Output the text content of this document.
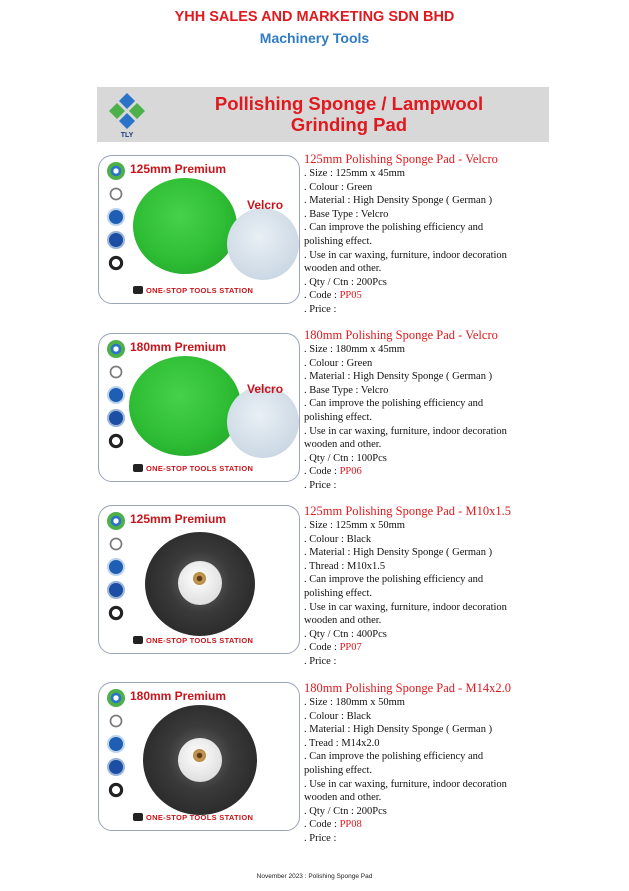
YHH SALES AND MARKETING SDN BHD
Machinery Tools
TLY
Pollishing Sponge / Lampwool
Grinding Pad
125mm Premium
Velcro
ONE-STOP TOOLS STATION
125mm Polishing Sponge Pad - Velcro
. Size : 125mm x 45mm
. Colour : Green
. Material : High Density Sponge ( German )
. Base Type : Velcro
. Can improve the polishing efficiency and
polishing effect.
. Use in car waxing, furniture, indoor decoration
wooden and other.
. Qty / Ctn : 200Pcs
. Code : PP05
. Price :
180mm Premium
Velcro
ONE-STOP TOOLS STATION
180mm Polishing Sponge Pad - Velcro
. Size : 180mm x 45mm
. Colour : Green
. Material : High Density Sponge ( German )
. Base Type : Velcro
. Can improve the polishing efficiency and
polishing effect.
. Use in car waxing, furniture, indoor decoration
wooden and other.
. Qty / Ctn : 100Pcs
. Code : PP06
. Price :
125mm Premium
ONE-STOP TOOLS STATION
125mm Polishing Sponge Pad - M10x1.5
. Size : 125mm x 50mm
. Colour : Black
. Material : High Density Sponge ( German )
. Thread : M10x1.5
. Can improve the polishing efficiency and
polishing effect.
. Use in car waxing, furniture, indoor decoration
wooden and other.
. Qty / Ctn : 400Pcs
. Code : PP07
. Price :
180mm Premium
ONE-STOP TOOLS STATION
180mm Polishing Sponge Pad - M14x2.0
. Size : 180mm x 50mm
. Colour : Black
. Material : High Density Sponge ( German )
. Tread : M14x2.0
. Can improve the polishing efficiency and
polishing effect.
. Use in car waxing, furniture, indoor decoration
wooden and other.
. Qty / Ctn : 200Pcs
. Code : PP08
. Price :
November 2023 : Polishing Sponge Pad
